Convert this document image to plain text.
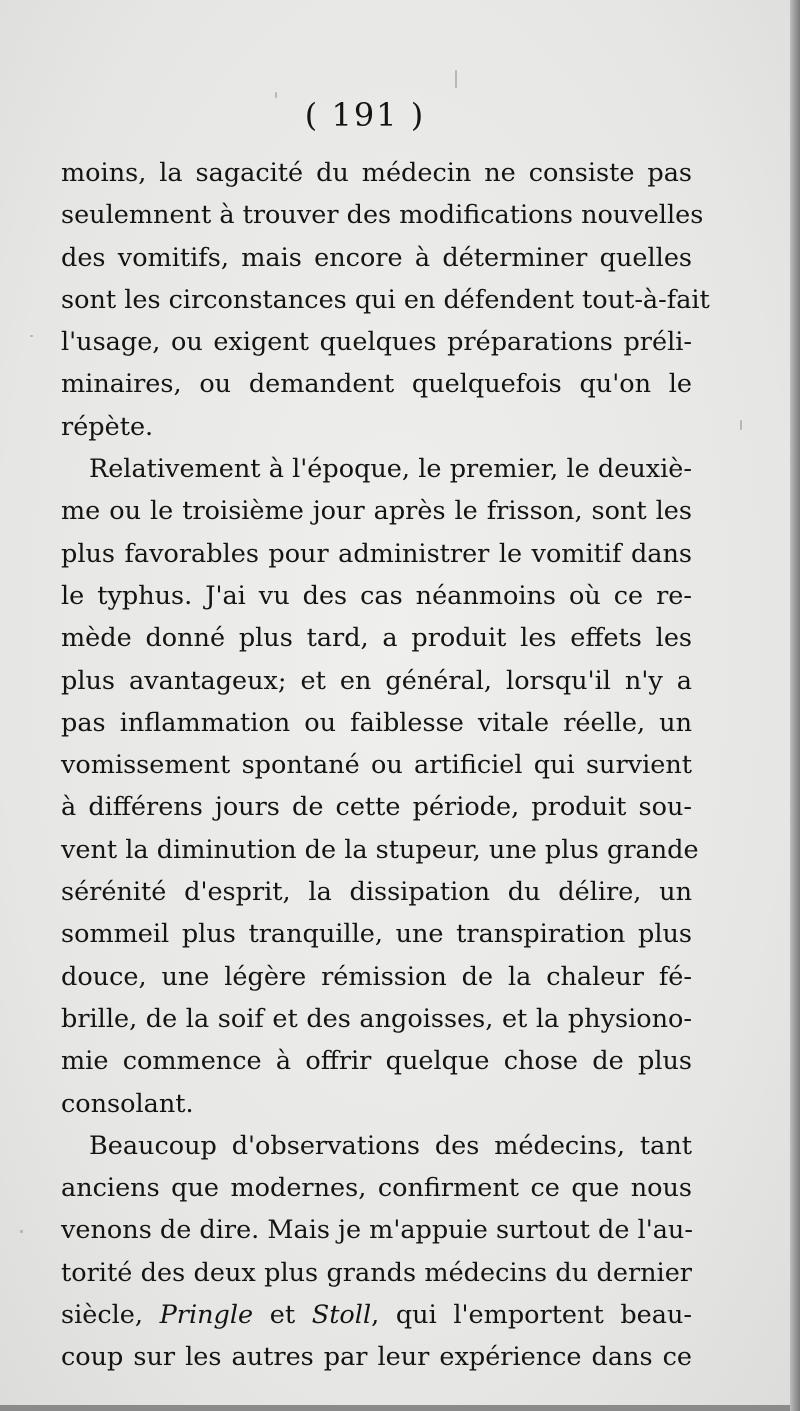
( 191 )
moins, la sagacité du médecin ne consiste pas
seulemnent à trouver des modifications nouvelles
des vomitifs, mais encore à déterminer quelles
sont les circonstances qui en défendent tout-à-fait
l'usage, ou exigent quelques préparations préli-
minaires, ou demandent quelquefois qu'on le
répète.
Relativement à l'époque, le premier, le deuxiè-
me ou le troisième jour après le frisson, sont les
plus favorables pour administrer le vomitif dans
le typhus. J'ai vu des cas néanmoins où ce re-
mède donné plus tard, a produit les effets les
plus avantageux; et en général, lorsqu'il n'y a
pas inflammation ou faiblesse vitale réelle, un
vomissement spontané ou artificiel qui survient
à différens jours de cette période, produit sou-
vent la diminution de la stupeur, une plus grande
sérénité d'esprit, la dissipation du délire, un
sommeil plus tranquille, une transpiration plus
douce, une légère rémission de la chaleur fé-
brille, de la soif et des angoisses, et la physiono-
mie commence à offrir quelque chose de plus
consolant.
Beaucoup d'observations des médecins, tant
anciens que modernes, confirment ce que nous
venons de dire. Mais je m'appuie surtout de l'au-
torité des deux plus grands médecins du dernier
siècle, Pringle et Stoll, qui l'emportent beau-
coup sur les autres par leur expérience dans ce
